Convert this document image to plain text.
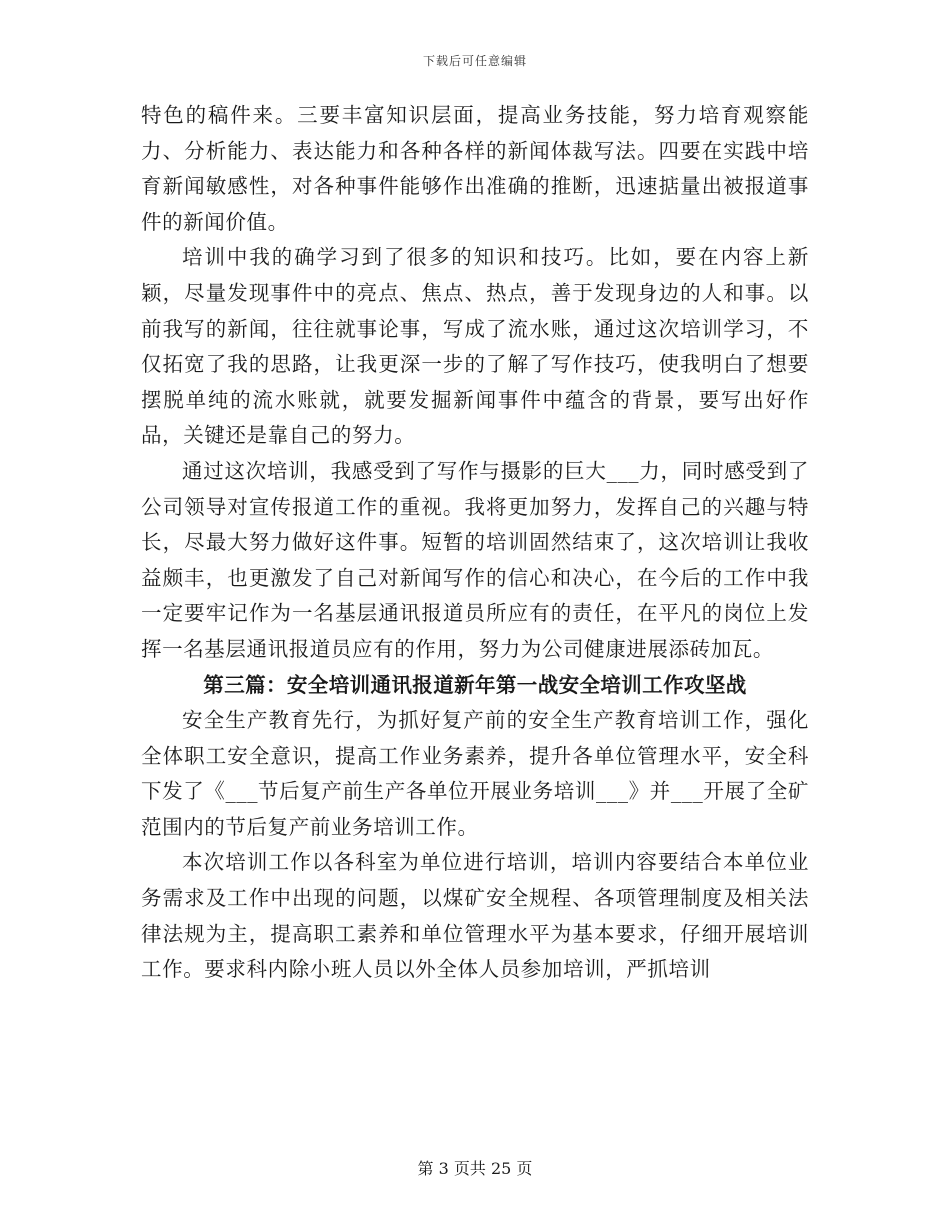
下载后可任意编辑

特色的稿件来。三要丰富知识层面，提高业务技能，努力培育观察能力、分析能力、表达能力和各种各样的新闻体裁写法。四要在实践中培育新闻敏感性，对各种事件能够作出准确的推断，迅速掂量出被报道事件的新闻价值。

培训中我的确学习到了很多的知识和技巧。比如，要在内容上新颖，尽量发现事件中的亮点、焦点、热点，善于发现身边的人和事。以前我写的新闻，往往就事论事，写成了流水账，通过这次培训学习，不仅拓宽了我的思路，让我更深一步的了解了写作技巧，使我明白了想要摆脱单纯的流水账就，就要发掘新闻事件中蕴含的背景，要写出好作品，关键还是靠自己的努力。

通过这次培训，我感受到了写作与摄影的巨大___力，同时感受到了公司领导对宣传报道工作的重视。我将更加努力，发挥自己的兴趣与特长，尽最大努力做好这件事。短暂的培训固然结束了，这次培训让我收益颇丰，也更激发了自己对新闻写作的信心和决心，在今后的工作中我一定要牢记作为一名基层通讯报道员所应有的责任，在平凡的岗位上发挥一名基层通讯报道员应有的作用，努力为公司健康进展添砖加瓦。

第三篇：安全培训通讯报道新年第一战安全培训工作攻坚战

安全生产教育先行，为抓好复产前的安全生产教育培训工作，强化全体职工安全意识，提高工作业务素养，提升各单位管理水平，安全科下发了《___节后复产前生产各单位开展业务培训___》并___开展了全矿范围内的节后复产前业务培训工作。

本次培训工作以各科室为单位进行培训，培训内容要结合本单位业务需求及工作中出现的问题，以煤矿安全规程、各项管理制度及相关法律法规为主，提高职工素养和单位管理水平为基本要求，仔细开展培训工作。要求科内除小班人员以外全体人员参加培训，严抓培训

第 3 页共 25 页
